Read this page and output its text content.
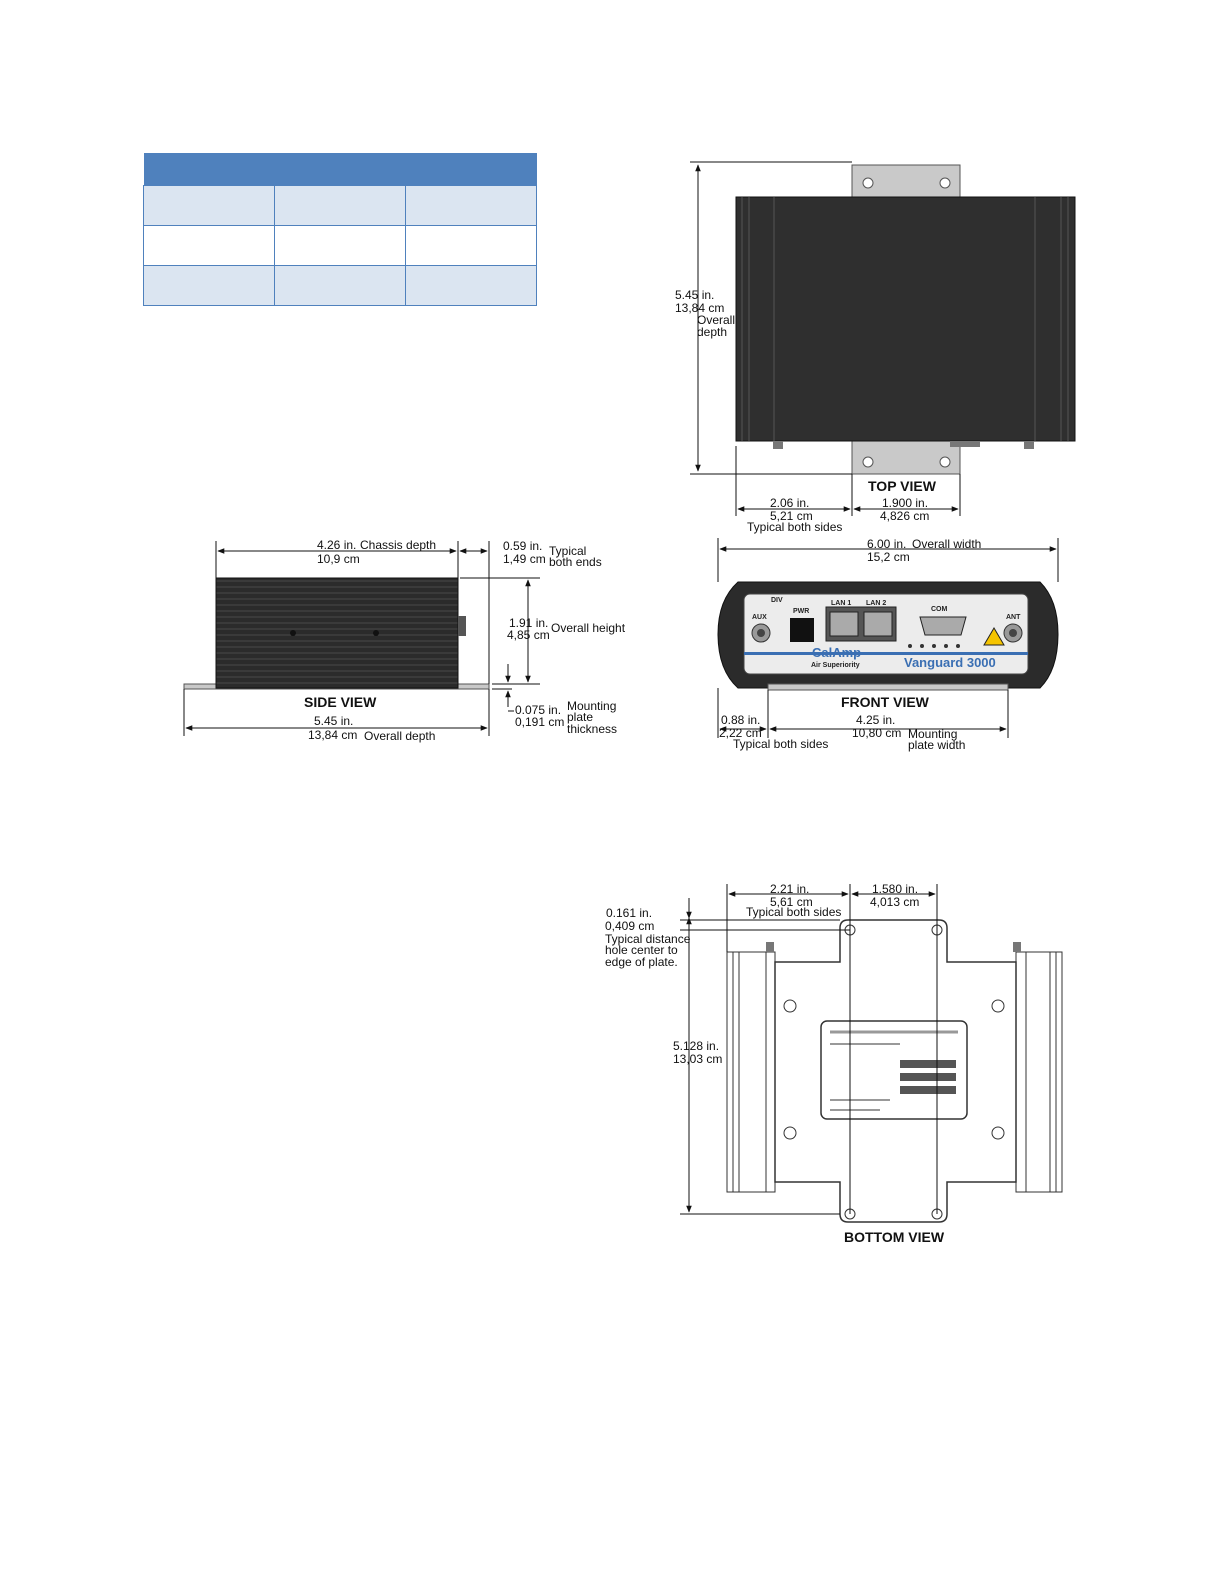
5.45 in.
13,84 cm
Overall
depth
TOP VIEW
2.06 in.
5,21 cm
Typical both sides
1.900 in.
4,826 cm
4.26 in. Chassis depth
10,9 cm
0.59 in. Typical
1,49 cm both ends
1.91 in. Overall height
4,85 cm
0.075 in.
0,191 cm
Mounting
plate
thickness
SIDE VIEW
5.45 in.
13,84 cm Overall depth
DIV
AUX
PWR
LAN 1 LAN 2
COM
ANT
CalAmp
Air Superiority	Vanguard 3000
6.00 in. Overall width
15,2 cm
FRONT VIEW
0.88 in.
2,22 cm
Typical both sides
4.25 in.
10,80 cm Mounting
plate width
2.21 in.
5,61 cm
Typical both sides
1.580 in.
4,013 cm
0.161 in.
0,409 cm
Typical distance
hole center to
edge of plate.
5.128 in.
13,03 cm
BOTTOM VIEW
